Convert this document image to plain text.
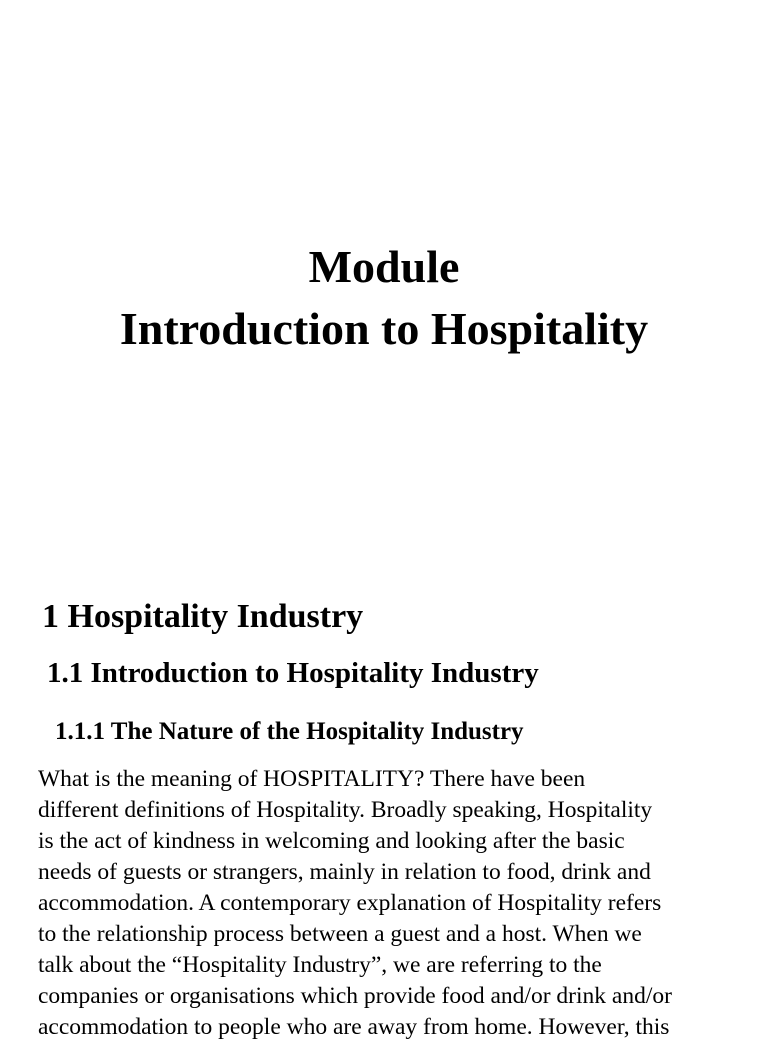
Module
Introduction to Hospitality
1 Hospitality Industry
1.1 Introduction to Hospitality Industry
1.1.1 The Nature of the Hospitality Industry
What is the meaning of HOSPITALITY? There have been
different definitions of Hospitality. Broadly speaking, Hospitality
is the act of kindness in welcoming and looking after the basic
needs of guests or strangers, mainly in relation to food, drink and
accommodation. A contemporary explanation of Hospitality refers
to the relationship process between a guest and a host. When we
talk about the “Hospitality Industry”, we are referring to the
companies or organisations which provide food and/or drink and/or
accommodation to people who are away from home. However, this
